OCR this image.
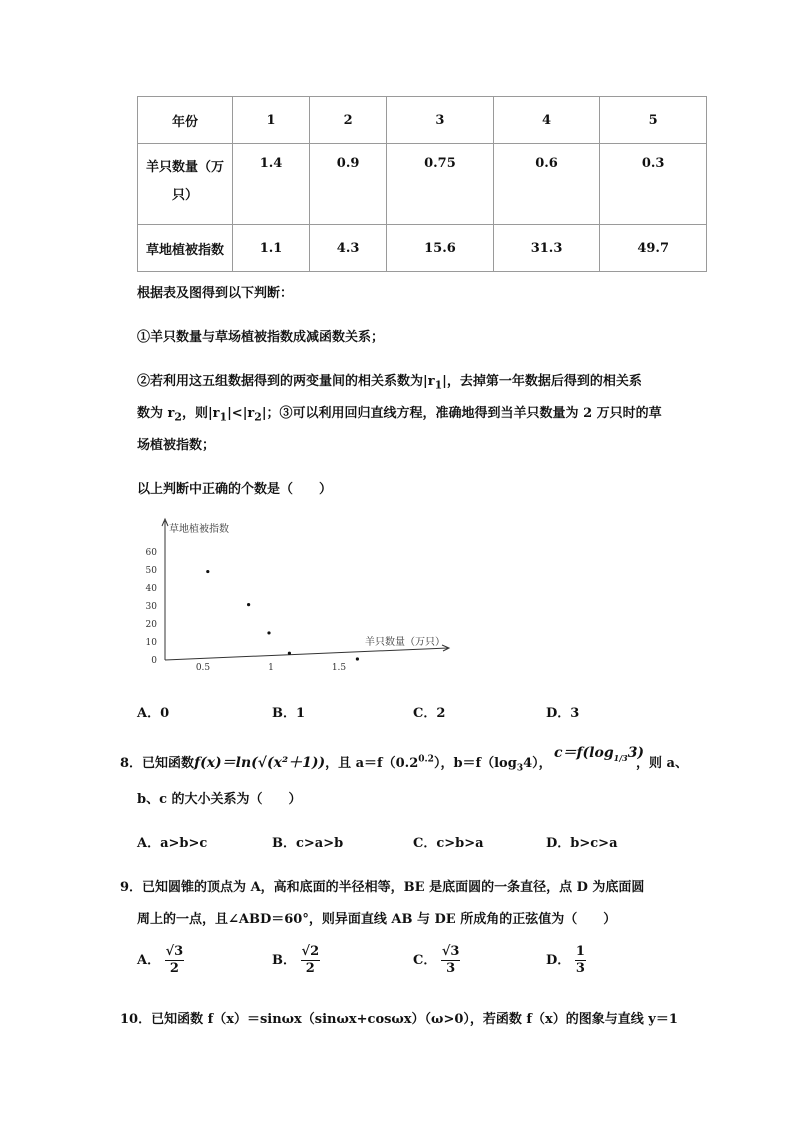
年份	1	2	3	4	5
羊只数量（万
只）	1.4	0.9	0.75	0.6	0.3
草地植被指数	1.1	4.3	15.6	31.3	49.7
根据表及图得到以下判断：
①羊只数量与草场植被指数成减函数关系；
②若利用这五组数据得到的两变量间的相关系数为$|r_1|$，去掉第一年数据后得到的相关系
数为 $r_2$，则$|r_1|<|r_2|$；③可以利用回归直线方程，准确地得到当羊只数量为 2 万只时的草
场植被指数；
以上判断中正确的个数是（　　）
草地植被指数
羊只数量（万只）
60
50
40
30
20
10
0
0.5	1	1.5
A．0	B．1	C．2	D．3
8．已知函数f(x)＝ln(√(x²＋1))，且 $a=f(0.2^{0.2})$，$b=f(\log_34)$，
$c=f(\log_{1/3}3)$
，则 a、
b、c 的大小关系为（　　）
A．a>b>c	B．c>a>b	C．c>b>a	D．b>c>a
9．已知圆锥的顶点为 A，高和底面的半径相等，BE 是底面圆的一条直径，点 D 为底面圆
周上的一点，且∠ABD＝60°，则异面直线 AB 与 DE 所成角的正弦值为（　　）
A． $\frac{√3}{2}$	B． $\frac{√2}{2}$	C． $\frac{√3}{3}$	D． $\frac{1}{3}$
10．已知函数 f（x）＝sinωx（sinωx+cosωx）（ω>0），若函数 f（x）的图象与直线 y＝1
